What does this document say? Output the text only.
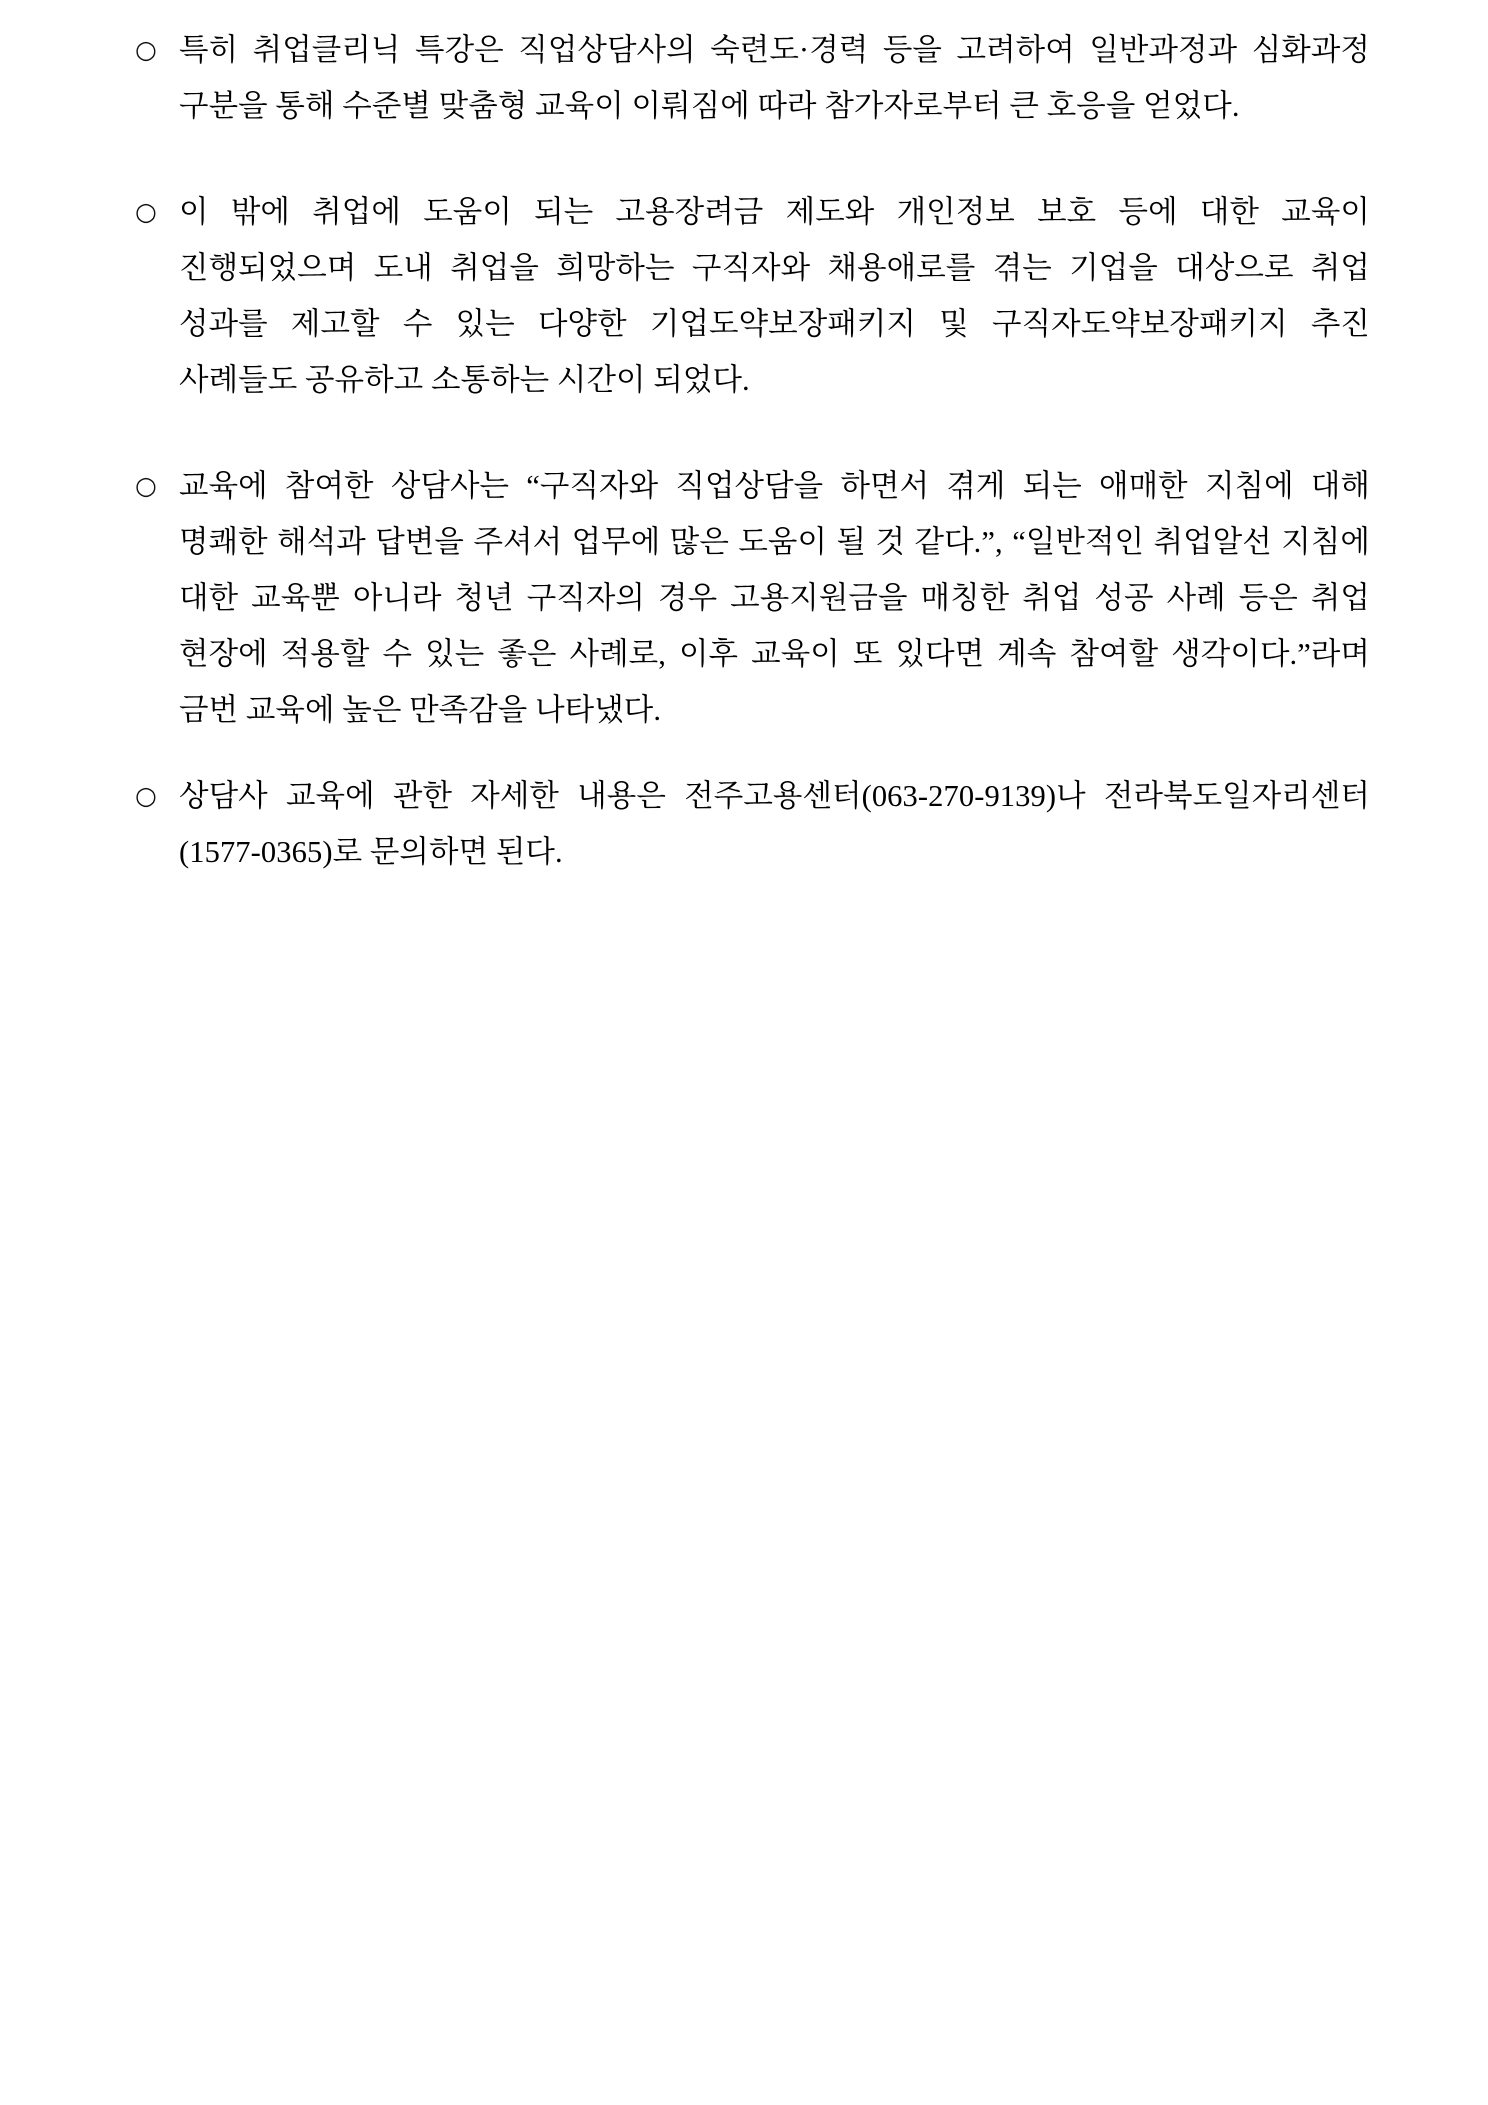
○ 특히 취업클리닉 특강은 직업상담사의 숙련도·경력 등을 고려하여 일반과정과 심화과정 구분을 통해 수준별 맞춤형 교육이 이뤄짐에 따라 참가자로부터 큰 호응을 얻었다.
○ 이 밖에 취업에 도움이 되는 고용장려금 제도와 개인정보 보호 등에 대한 교육이 진행되었으며 도내 취업을 희망하는 구직자와 채용애로를 겪는 기업을 대상으로 취업 성과를 제고할 수 있는 다양한 기업도약보장패키지 및 구직자도약보장패키지 추진 사례들도 공유하고 소통하는 시간이 되었다.
○ 교육에 참여한 상담사는 “구직자와 직업상담을 하면서 겪게 되는 애매한 지침에 대해 명쾌한 해석과 답변을 주셔서 업무에 많은 도움이 될 것 같다.”, “일반적인 취업알선 지침에 대한 교육뿐 아니라 청년 구직자의 경우 고용지원금을 매칭한 취업 성공 사례 등은 취업 현장에 적용할 수 있는 좋은 사례로, 이후 교육이 또 있다면 계속 참여할 생각이다.”라며 금번 교육에 높은 만족감을 나타냈다.
○ 상담사 교육에 관한 자세한 내용은 전주고용센터(063-270-9139)나 전라북도일자리센터(1577-0365)로 문의하면 된다.
